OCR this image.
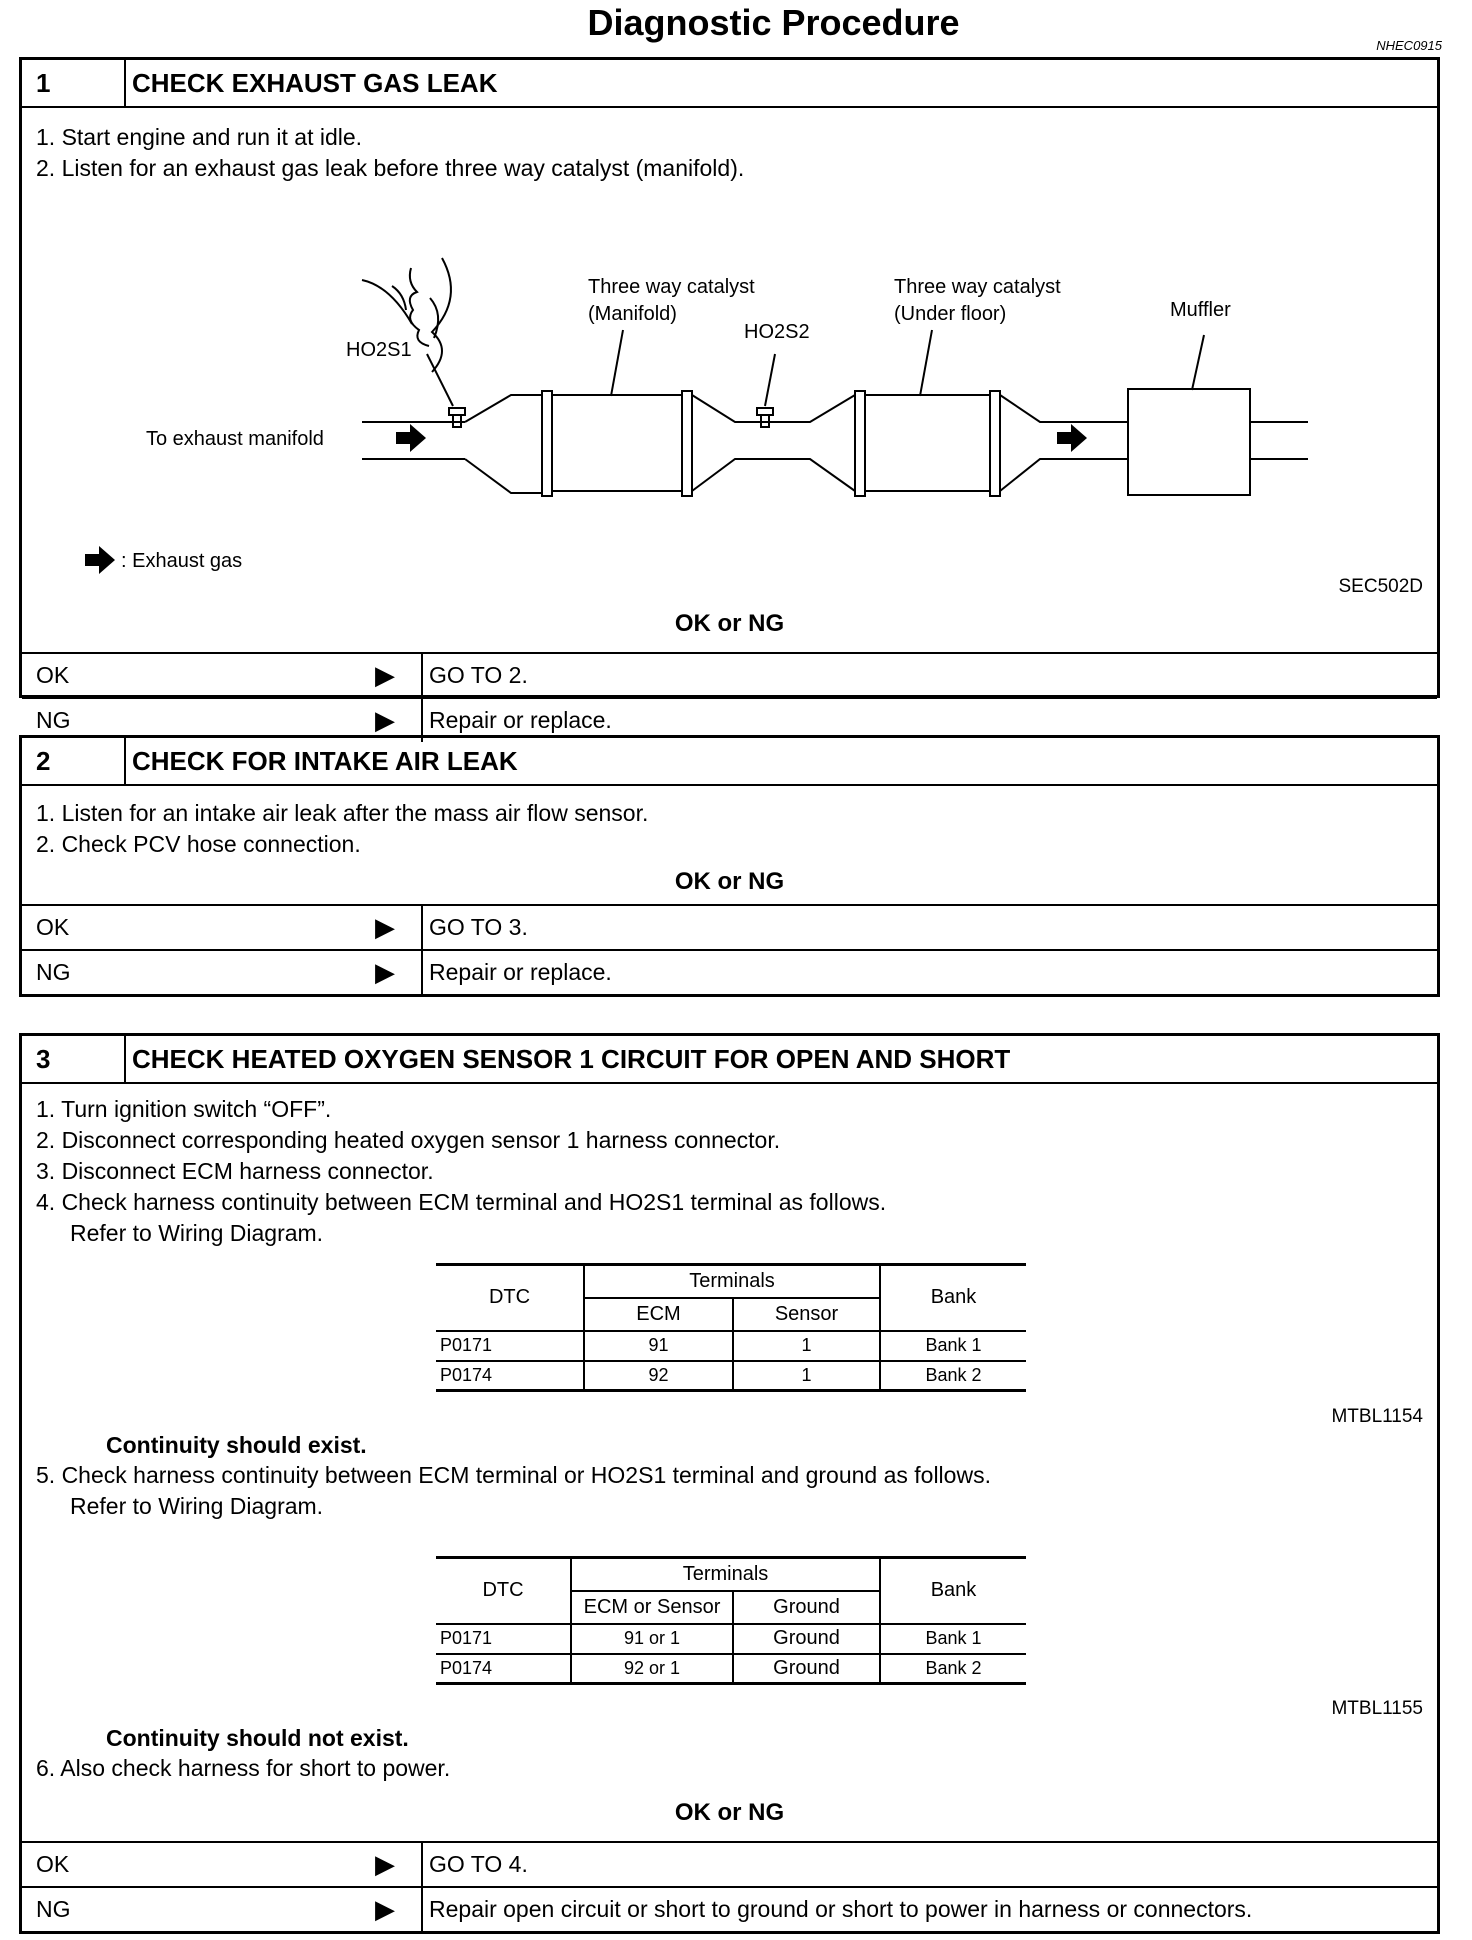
Diagnostic Procedure
NHEC0915
1	CHECK EXHAUST GAS LEAK
1. Start engine and run it at idle.
2. Listen for an exhaust gas leak before three way catalyst (manifold).
Three way catalyst
(Manifold)
Three way catalyst
(Under floor)	Muffler
HO2S1
HO2S2
To exhaust manifold
: Exhaust gas
SEC502D
OK or NG
OK	▶ GO TO 2.
NG	▶ Repair or replace.
2	CHECK FOR INTAKE AIR LEAK
1. Listen for an intake air leak after the mass air flow sensor.
2. Check PCV hose connection.
OK or NG
OK	▶ GO TO 3.
NG	▶ Repair or replace.
3	CHECK HEATED OXYGEN SENSOR 1 CIRCUIT FOR OPEN AND SHORT
1. Turn ignition switch “OFF”.
2. Disconnect corresponding heated oxygen sensor 1 harness connector.
3. Disconnect ECM harness connector.
4. Check harness continuity between ECM terminal and HO2S1 terminal as follows.
Refer to Wiring Diagram.
DTC	Terminals		Bank
	ECM	Sensor	
P0171	91	1	Bank 1
P0174	92	1	Bank 2
MTBL1154
Continuity should exist.
5. Check harness continuity between ECM terminal or HO2S1 terminal and ground as follows.
Refer to Wiring Diagram.
DTC	Terminals		Bank
	ECM or Sensor	Ground	
P0171	91 or 1	Ground	Bank 1
P0174	92 or 1	Ground	Bank 2
MTBL1155
Continuity should not exist.
6. Also check harness for short to power.
OK or NG
OK	▶ GO TO 4.
NG	▶ Repair open circuit or short to ground or short to power in harness or connectors.
